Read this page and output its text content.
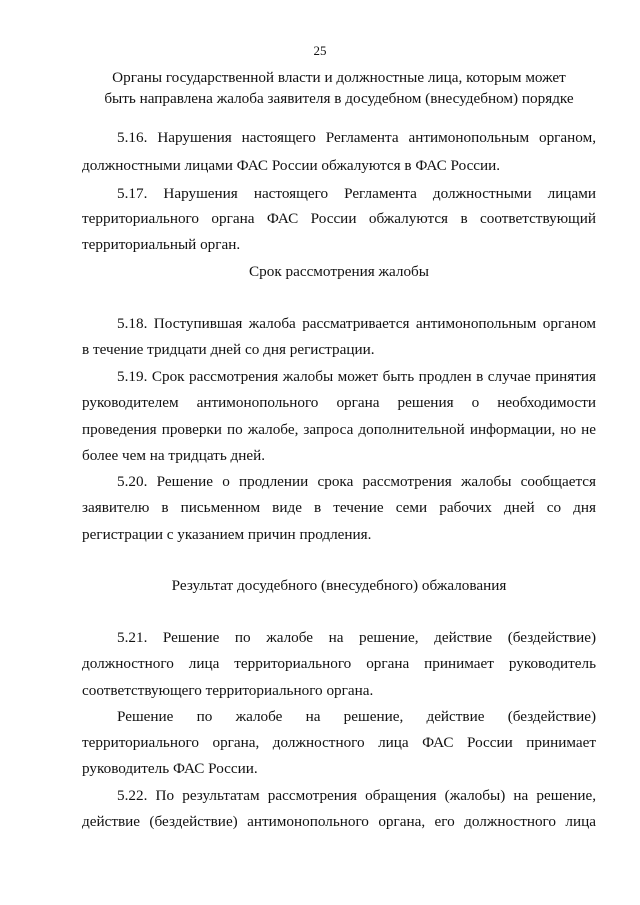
25
Органы государственной власти и должностные лица, которым может
быть направлена жалоба заявителя в досудебном (внесудебном) порядке
5.16. Нарушения настоящего Регламента антимонопольным органом,
должностными лицами ФАС России обжалуются в ФАС России.
5.17. Нарушения настоящего Регламента должностными лицами
территориального органа ФАС России обжалуются в соответствующий
территориальный орган.
Срок рассмотрения жалобы
5.18. Поступившая жалоба рассматривается антимонопольным органом
в течение тридцати дней со дня регистрации.
5.19. Срок рассмотрения жалобы может быть продлен в случае принятия
руководителем антимонопольного органа решения о необходимости
проведения проверки по жалобе, запроса дополнительной информации, но не
более чем на тридцать дней.
5.20. Решение о продлении срока рассмотрения жалобы сообщается
заявителю в письменном виде в течение семи рабочих дней со дня
регистрации с указанием причин продления.
Результат досудебного (внесудебного) обжалования
5.21. Решение по жалобе на решение, действие (бездействие)
должностного лица территориального органа принимает руководитель
соответствующего территориального органа.
Решение по жалобе на решение, действие (бездействие)
территориального органа, должностного лица ФАС России принимает
руководитель ФАС России.
5.22. По результатам рассмотрения обращения (жалобы) на решение,
действие (бездействие) антимонопольного органа, его должностного лица
